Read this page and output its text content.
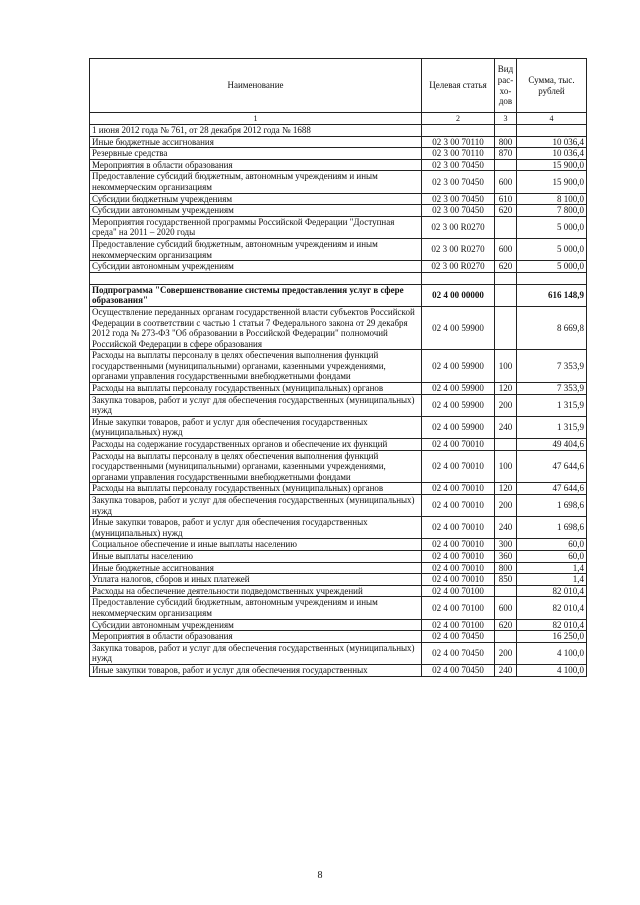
Наименование	Целевая статья	Вид рас-хо-дов	Сумма, тыс. рублей
1	2	3	4
1 июня 2012 года № 761, от 28 декабря 2012 года № 1688			
Иные бюджетные ассигнования	02 3 00 70110	800	10 036,4
Резервные средства	02 3 00 70110	870	10 036,4
Мероприятия в области образования	02 3 00 70450		15 900,0
Предоставление субсидий бюджетным, автономным учреждениям и иным некоммерческим организациям	02 3 00 70450	600	15 900,0
Субсидии бюджетным учреждениям	02 3 00 70450	610	8 100,0
Субсидии автономным учреждениям	02 3 00 70450	620	7 800,0
Мероприятия государственной программы Российской Федерации "Доступная среда" на 2011 – 2020 годы	02 3 00 R0270		5 000,0
Предоставление субсидий бюджетным, автономным учреждениям и иным некоммерческим организациям	02 3 00 R0270	600	5 000,0
Субсидии автономным учреждениям	02 3 00 R0270	620	5 000,0

Подпрограмма "Совершенствование системы предоставления услуг в сфере образования"	02 4 00 00000		616 148,9
Осуществление переданных органам государственной власти субъектов Российской Федерации в соответствии с частью 1 статьи 7 Федерального закона от 29 декабря 2012 года № 273-ФЗ "Об образовании в Российской Федерации" полномочий Российской Федерации в сфере образования	02 4 00 59900		8 669,8
Расходы на выплаты персоналу в целях обеспечения выполнения функций государственными (муниципальными) органами, казенными учреждениями, органами управления государственными внебюджетными фондами	02 4 00 59900	100	7 353,9
Расходы на выплаты персоналу государственных (муниципальных) органов	02 4 00 59900	120	7 353,9
Закупка товаров, работ и услуг для обеспечения государственных (муниципальных) нужд	02 4 00 59900	200	1 315,9
Иные закупки товаров, работ и услуг для обеспечения государственных (муниципальных) нужд	02 4 00 59900	240	1 315,9
Расходы на содержание государственных органов и обеспечение их функций	02 4 00 70010		49 404,6
Расходы на выплаты персоналу в целях обеспечения выполнения функций государственными (муниципальными) органами, казенными учреждениями, органами управления государственными внебюджетными фондами	02 4 00 70010	100	47 644,6
Расходы на выплаты персоналу государственных (муниципальных) органов	02 4 00 70010	120	47 644,6
Закупка товаров, работ и услуг для обеспечения государственных (муниципальных) нужд	02 4 00 70010	200	1 698,6
Иные закупки товаров, работ и услуг для обеспечения государственных (муниципальных) нужд	02 4 00 70010	240	1 698,6
Социальное обеспечение и иные выплаты населению	02 4 00 70010	300	60,0
Иные выплаты населению	02 4 00 70010	360	60,0
Иные бюджетные ассигнования	02 4 00 70010	800	1,4
Уплата налогов, сборов и иных платежей	02 4 00 70010	850	1,4
Расходы на обеспечение деятельности подведомственных учреждений	02 4 00 70100		82 010,4
Предоставление субсидий бюджетным, автономным учреждениям и иным некоммерческим организациям	02 4 00 70100	600	82 010,4
Субсидии автономным учреждениям	02 4 00 70100	620	82 010,4
Мероприятия в области образования	02 4 00 70450		16 250,0
Закупка товаров, работ и услуг для обеспечения государственных (муниципальных) нужд	02 4 00 70450	200	4 100,0
Иные закупки товаров, работ и услуг для обеспечения государственных	02 4 00 70450	240	4 100,0
8
